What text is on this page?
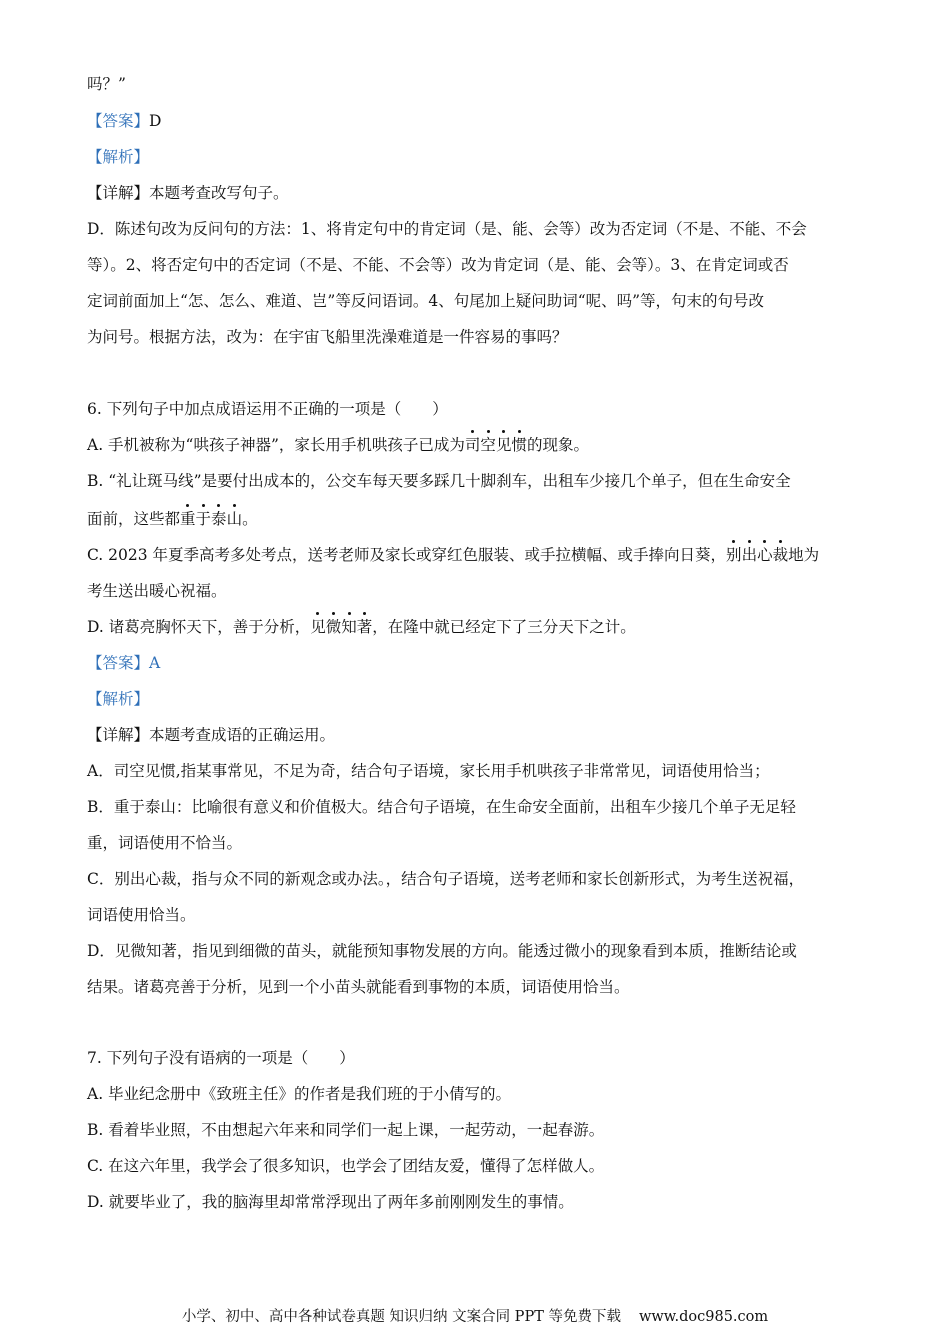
吗？”

【答案】D

【解析】

【详解】本题考查改写句子。

D．陈述句改为反问句的方法：1、将肯定句中的肯定词（是、能、会等）改为否定词（不是、不能、不会

等）。2、将否定句中的否定词（不是、不能、不会等）改为肯定词（是、能、会等）。3、在肯定词或否

定词前面加上“怎、怎么、难道、岂”等反问语词。4、句尾加上疑问助词“呢、吗”等，句末的句号改

为问号。根据方法，改为：在宇宙飞船里洗澡难道是一件容易的事吗？

6. 下列句子中加点成语运用不正确的一项是（　　）

A. 手机被称为“哄孩子神器”，家长用手机哄孩子已成为司空见惯的现象。

B. “礼让斑马线”是要付出成本的，公交车每天要多踩几十脚刹车，出租车少接几个单子，但在生命安全

面前，这些都重于泰山。

C. 2023 年夏季高考多处考点，送考老师及家长或穿红色服装、或手拉横幅、或手捧向日葵，别出心裁地为

考生送出暖心祝福。

D. 诸葛亮胸怀天下，善于分析，见微知著，在隆中就已经定下了三分天下之计。

【答案】A

【解析】

【详解】本题考查成语的正确运用。

A．司空见惯,指某事常见，不足为奇，结合句子语境，家长用手机哄孩子非常常见，词语使用恰当；

B．重于泰山：比喻很有意义和价值极大。结合句子语境，在生命安全面前，出租车少接几个单子无足轻

重，词语使用不恰当。

C．别出心裁，指与众不同的新观念或办法。，结合句子语境，送考老师和家长创新形式，为考生送祝福，

词语使用恰当。

D．见微知著，指见到细微的苗头，就能预知事物发展的方向。能透过微小的现象看到本质，推断结论或

结果。诸葛亮善于分析，见到一个小苗头就能看到事物的本质，词语使用恰当。

7. 下列句子没有语病的一项是（　　）

A. 毕业纪念册中《致班主任》的作者是我们班的于小倩写的。

B. 看着毕业照，不由想起六年来和同学们一起上课，一起劳动，一起春游。

C. 在这六年里，我学会了很多知识，也学会了团结友爱，懂得了怎样做人。

D. 就要毕业了，我的脑海里却常常浮现出了两年多前刚刚发生的事情。

小学、初中、高中各种试卷真题 知识归纳 文案合同 PPT 等免费下载 www.doc985.com
